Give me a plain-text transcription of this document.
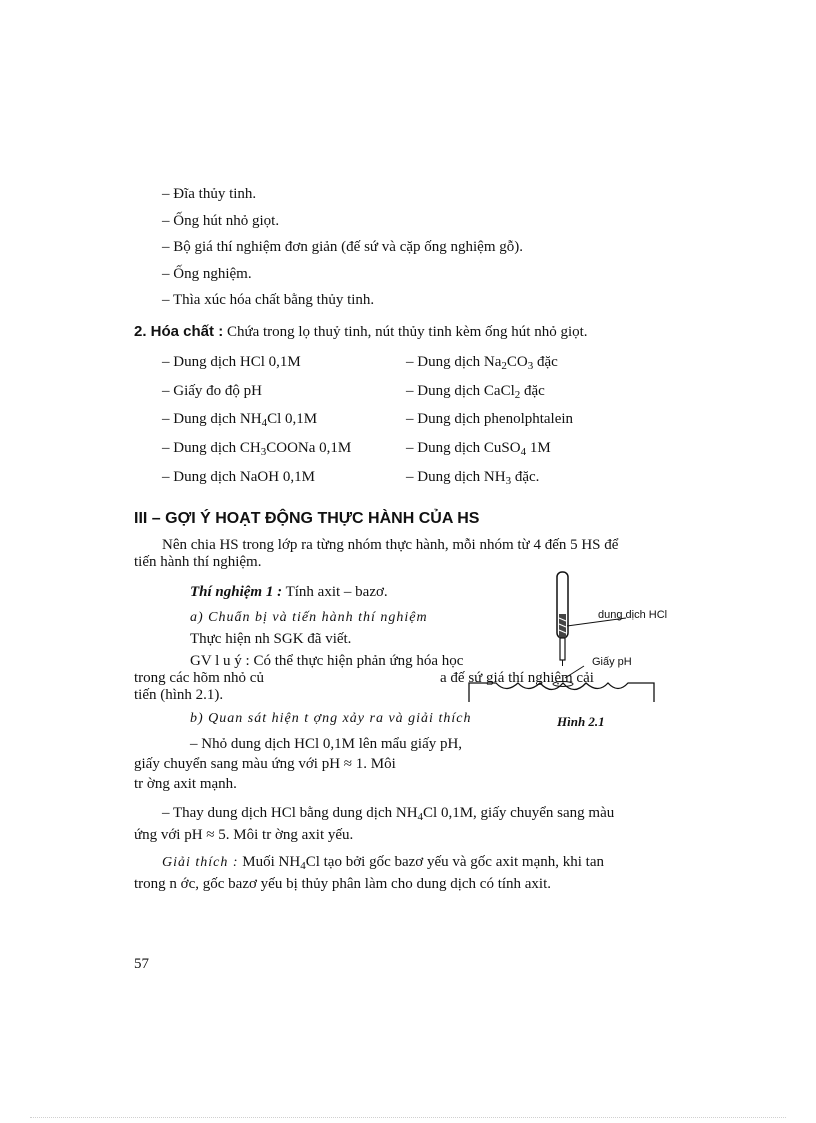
– Đĩa thủy tinh.
– Ống hút nhỏ giọt.
– Bộ giá thí nghiệm đơn giản (đế sứ và cặp ống nghiệm gỗ).
– Ống nghiệm.
– Thìa xúc hóa chất bằng thủy tinh.
2. Hóa chất : Chứa trong lọ thuỷ tinh, nút thủy tinh kèm ống hút nhỏ giọt.
– Dung dịch HCl 0,1M
– Giấy đo độ pH
– Dung dịch $NH_4Cl$ 0,1M
– Dung dịch $CH_3COONa$ 0,1M
– Dung dịch NaOH 0,1M
– Dung dịch $Na_2CO_3$ đặc
– Dung dịch CaCl$_2$ đặc
– Dung dịch phenolphtalein
– Dung dịch CuSO$_4$ 1M
– Dung dịch $NH_3$ đặc.
III – GỢI Ý HOẠT ĐỘNG THỰC HÀNH CỦA HS
Nên chia HS trong lớp ra từng nhóm thực hành, mỗi nhóm từ 4 đến 5 HS để
tiến hành thí nghiệm.
Thí nghiệm 1 : Tính axit – bazơ.
a) Chuẩn bị và tiến hành thí nghiệm
Thực hiện nh SGK đã viết.
GV l u ý : Có thể thực hiện phản ứng hóa học
trong các hõm nhỏ củ	a đế sứ giá thí nghiệm cải
tiến (hình 2.1).
b) Quan sát hiện t ợng xảy ra và giải thích
– Nhỏ dung dịch HCl 0,1M lên mẩu giấy pH,
giấy chuyển sang màu ứng với pH ≈ 1. Môi
tr ờng axit mạnh.
– Thay dung dịch HCl bằng dung dịch $NH_4Cl$ 0,1M, giấy chuyển sang màu
ứng với pH ≈ 5. Môi tr ờng axit yếu.
Giải thích : Muối $NH_4Cl$ tạo bởi gốc bazơ yếu và gốc axit mạnh, khi tan
trong n ớc, gốc bazơ yếu bị thủy phân làm cho dung dịch có tính axit.
dung dịch HCl
Giấy pH
Hình 2.1
57
